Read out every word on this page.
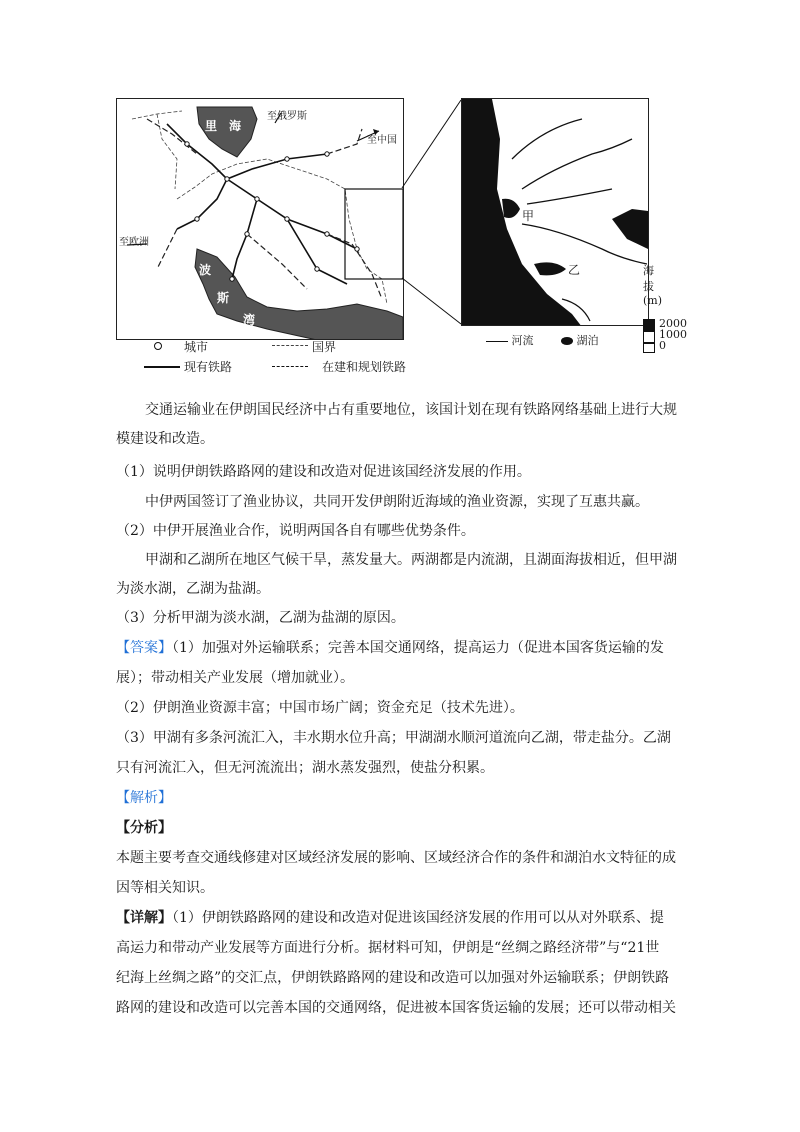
里 海
波
斯
湾
至俄罗斯
至中国
至欧洲
甲
乙	海拔(m)
2000
1000
0
河流	湖泊
城市	国界
现有铁路	在建和规划铁路
交通运输业在伊朗国民经济中占有重要地位，该国计划在现有铁路网络基础上进行大规
模建设和改造。
（1）说明伊朗铁路路网的建设和改造对促进该国经济发展的作用。
中伊两国签订了渔业协议，共同开发伊朗附近海域的渔业资源，实现了互惠共赢。
（2）中伊开展渔业合作，说明两国各自有哪些优势条件。
甲湖和乙湖所在地区气候干旱，蒸发量大。两湖都是内流湖，且湖面海拔相近，但甲湖
为淡水湖，乙湖为盐湖。
（3）分析甲湖为淡水湖，乙湖为盐湖的原因。
【答案】（1）加强对外运输联系；完善本国交通网络，提高运力（促进本国客货运输的发
展）；带动相关产业发展（增加就业）。
（2）伊朗渔业资源丰富；中国市场广阔；资金充足（技术先进）。
（3）甲湖有多条河流汇入，丰水期水位升高；甲湖湖水顺河道流向乙湖，带走盐分。乙湖
只有河流汇入，但无河流流出；湖水蒸发强烈，使盐分积累。
【解析】
【分析】
本题主要考查交通线修建对区域经济发展的影响、区域经济合作的条件和湖泊水文特征的成
因等相关知识。
【详解】（1）伊朗铁路路网的建设和改造对促进该国经济发展的作用可以从对外联系、提
高运力和带动产业发展等方面进行分析。据材料可知，伊朗是“丝绸之路经济带”与“21世
纪海上丝绸之路”的交汇点，伊朗铁路路网的建设和改造可以加强对外运输联系；伊朗铁路
路网的建设和改造可以完善本国的交通网络，促进被本国客货运输的发展；还可以带动相关
